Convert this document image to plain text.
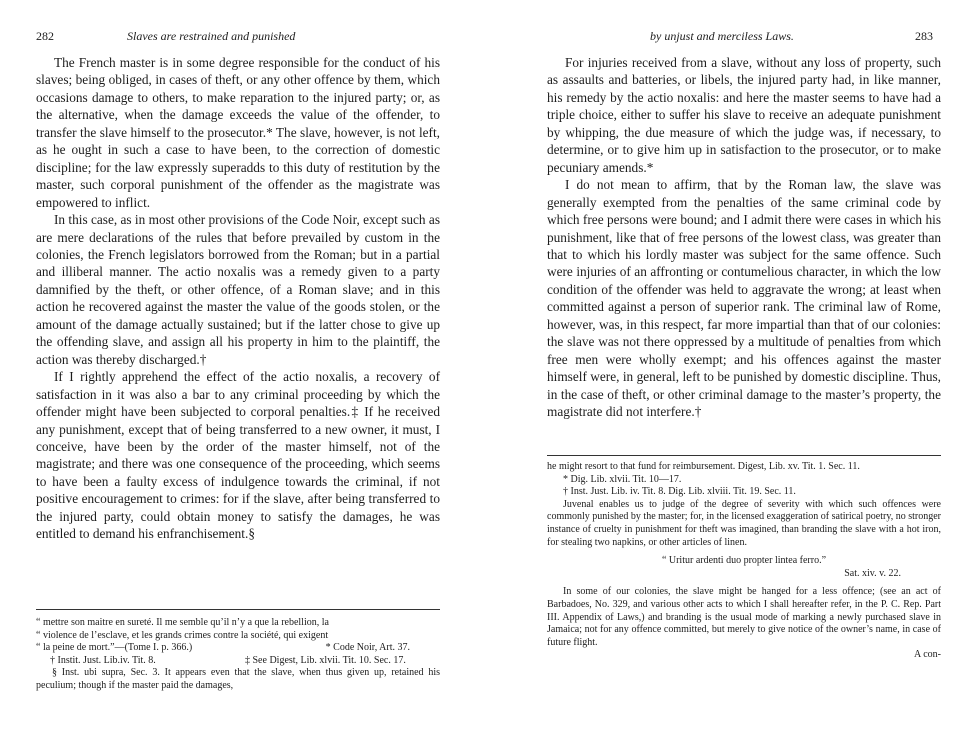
282	Slaves are restrained and punished

The French master is in some degree responsible for the conduct of his slaves; being obliged, in cases of theft, or any other offence by them, which occasions damage to others, to make reparation to the injured party; or, as the alternative, when the damage exceeds the value of the offender, to transfer the slave himself to the prosecutor.* The slave, however, is not left, as he ought in such a case to have been, to the correction of domestic discipline; for the law expressly superadds to this duty of restitution by the master, such corporal punishment of the offender as the magistrate was empowered to inflict.

In this case, as in most other provisions of the Code Noir, except such as are mere declarations of the rules that before prevailed by custom in the colonies, the French legislators borrowed from the Roman; but in a partial and illiberal manner. The actio noxalis was a remedy given to a party damnified by the theft, or other offence, of a Roman slave; and in this action he recovered against the master the value of the goods stolen, or the amount of the damage actually sustained; but if the latter chose to give up the offending slave, and assign all his property in him to the plaintiff, the action was thereby discharged.†

If I rightly apprehend the effect of the actio noxalis, a recovery of satisfaction in it was also a bar to any criminal proceeding by which the offender might have been subjected to corporal penalties.‡ If he received any punishment, except that of being transferred to a new owner, it must, I conceive, have been by the order of the master himself, not of the magistrate; and there was one consequence of the proceeding, which seems to have been a faulty excess of indulgence towards the criminal, if not positive encouragement to crimes: for if the slave, after being transferred to the injured party, could obtain money to satisfy the damages, he was entitled to demand his enfranchisement.§

“ mettre son maitre en sureté. Il me semble qu’il n’y a que la rebellion, la

“ violence de l’esclave, et les grands crimes contre la société, qui exigent

“ la peine de mort.”—(Tome I. p. 366.)	* Code Noir, Art. 37.
† Instit. Just. Lib.iv. Tit. 8.	‡ See Digest, Lib. xlvii. Tit. 10. Sec. 17.

§ Inst. ubi supra, Sec. 3. It appears even that the slave, when thus given up, retained his peculium; though if the master paid the damages,

by unjust and merciless Laws.	283

For injuries received from a slave, without any loss of property, such as assaults and batteries, or libels, the injured party had, in like manner, his remedy by the actio noxalis: and here the master seems to have had a triple choice, either to suffer his slave to receive an adequate punishment by whipping, the due measure of which the judge was, if necessary, to determine, or to give him up in satisfaction to the prosecutor, or to make pecuniary amends.*

I do not mean to affirm, that by the Roman law, the slave was generally exempted from the penalties of the same criminal code by which free persons were bound; and I admit there were cases in which his punishment, like that of free persons of the lowest class, was greater than that to which his lordly master was subject for the same offence. Such were injuries of an affronting or contumelious character, in which the low condition of the offender was held to aggravate the wrong; at least when committed against a person of superior rank. The criminal law of Rome, however, was, in this respect, far more impartial than that of our colonies: the slave was not there oppressed by a multitude of penalties from which free men were wholly exempt; and his offences against the master himself were, in general, left to be punished by domestic discipline. Thus, in the case of theft, or other criminal damage to the master’s property, the magistrate did not interfere.†

he might resort to that fund for reimbursement. Digest, Lib. xv. Tit. 1. Sec. 11.

* Dig. Lib. xlvii. Tit. 10—17.

† Inst. Just. Lib. iv. Tit. 8. Dig. Lib. xlviii. Tit. 19. Sec. 11.

Juvenal enables us to judge of the degree of severity with which such offences were commonly punished by the master; for, in the licensed exaggeration of satirical poetry, no stronger instance of cruelty in punishment for theft was imagined, than branding the slave with a hot iron, for stealing two napkins, or other articles of linen.

“ Uritur ardenti duo propter lintea ferro.”

Sat. xiv. v. 22.

In some of our colonies, the slave might be hanged for a less offence; (see an act of Barbadoes, No. 329, and various other acts to which I shall hereafter refer, in the P. C. Rep. Part III. Appendix of Laws,) and branding is the usual mode of marking a newly purchased slave in Jamaica; not for any offence committed, but merely to give notice of the owner’s name, in case of future flight.

A con-
